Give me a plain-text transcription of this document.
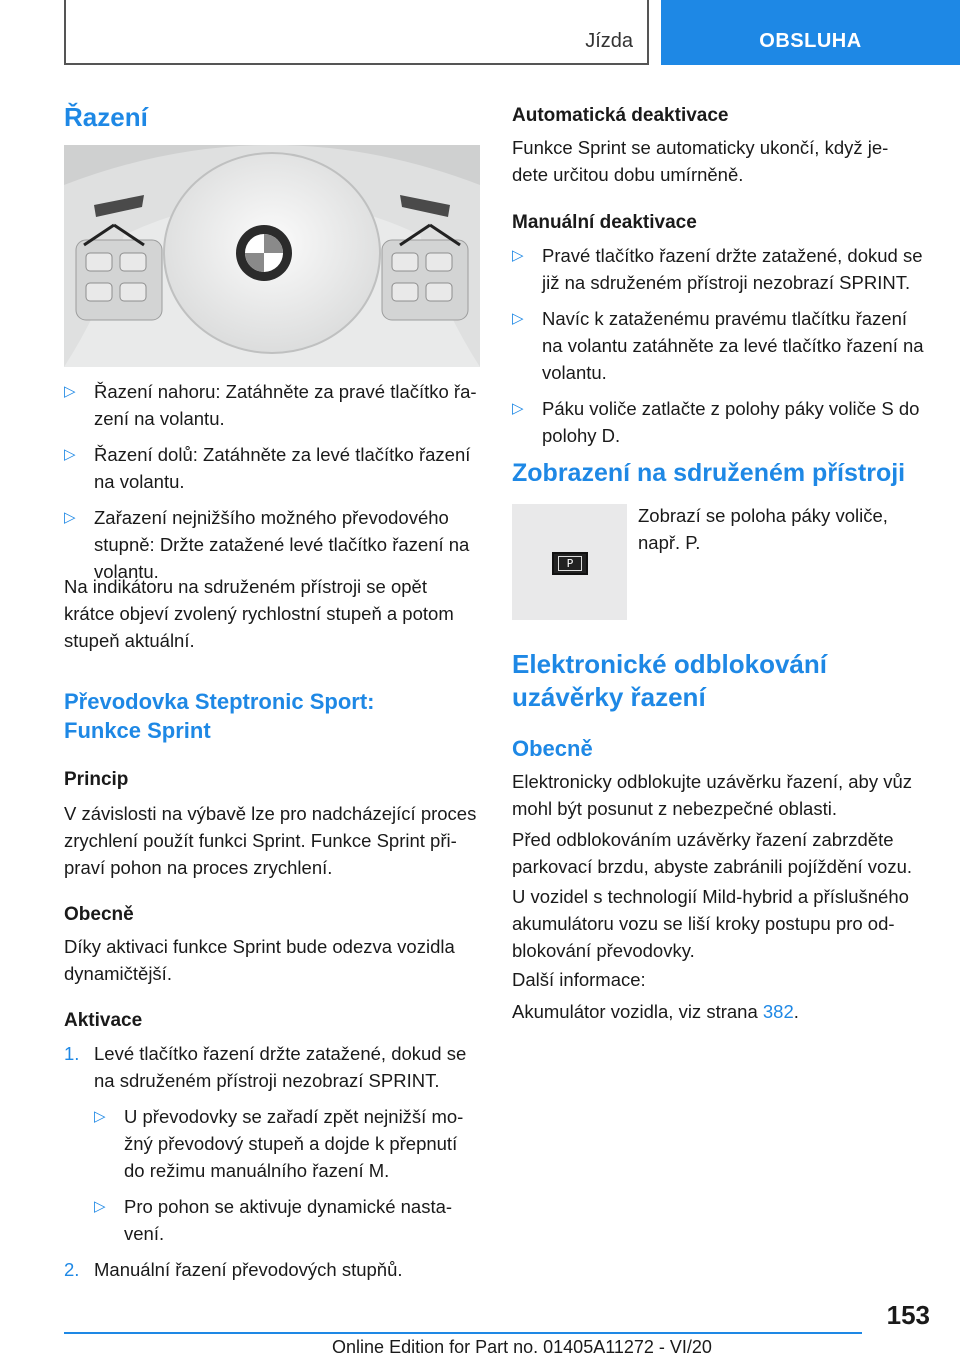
Jízda	OBSLUHA
Řazení
▷ Řazení nahoru: Zatáhněte za pravé tlačítko řa-
zení na volantu.
▷ Řazení dolů: Zatáhněte za levé tlačítko řazení
na volantu.
▷ Zařazení nejnižšího možného převodového
stupně: Držte zatažené levé tlačítko řazení na
volantu.
Na indikátoru na sdruženém přístroji se opět
krátce objeví zvolený rychlostní stupeň a potom
stupeň aktuální.
Převodovka Steptronic Sport:
Funkce Sprint
Princip
V závislosti na výbavě lze pro nadcházející proces
zrychlení použít funkci Sprint. Funkce Sprint při-
praví pohon na proces zrychlení.
Obecně
Díky aktivaci funkce Sprint bude odezva vozidla
dynamičtější.
Aktivace
1. Levé tlačítko řazení držte zatažené, dokud se
na sdruženém přístroji nezobrazí SPRINT.
▷ U převodovky se zařadí zpět nejnižší mo-
žný převodový stupeň a dojde k přepnutí
do režimu manuálního řazení M.
▷ Pro pohon se aktivuje dynamické nasta-
vení.
2. Manuální řazení převodových stupňů.
Automatická deaktivace
Funkce Sprint se automaticky ukončí, když je-
dete určitou dobu umírněně.
Manuální deaktivace
▷ Pravé tlačítko řazení držte zatažené, dokud se
již na sdruženém přístroji nezobrazí SPRINT.
▷ Navíc k zataženému pravému tlačítku řazení
na volantu zatáhněte za levé tlačítko řazení na
volantu.
▷ Páku voliče zatlačte z polohy páky voliče S do
polohy D.
Zobrazení na sdruženém přístroji
Zobrazí se poloha páky voliče,
např. P.
Elektronické odblokování
uzávěrky řazení
Obecně
Elektronicky odblokujte uzávěrku řazení, aby vůz
mohl být posunut z nebezpečné oblasti.
Před odblokováním uzávěrky řazení zabrzděte
parkovací brzdu, abyste zabránili pojíždění vozu.
U vozidel s technologií Mild-hybrid a příslušného
akumulátoru vozu se liší kroky postupu pro od-
blokování převodovky.
Další informace:
Akumulátor vozidla, viz strana 382.
P
153
Online Edition for Part no. 01405A11272 - VI/20
